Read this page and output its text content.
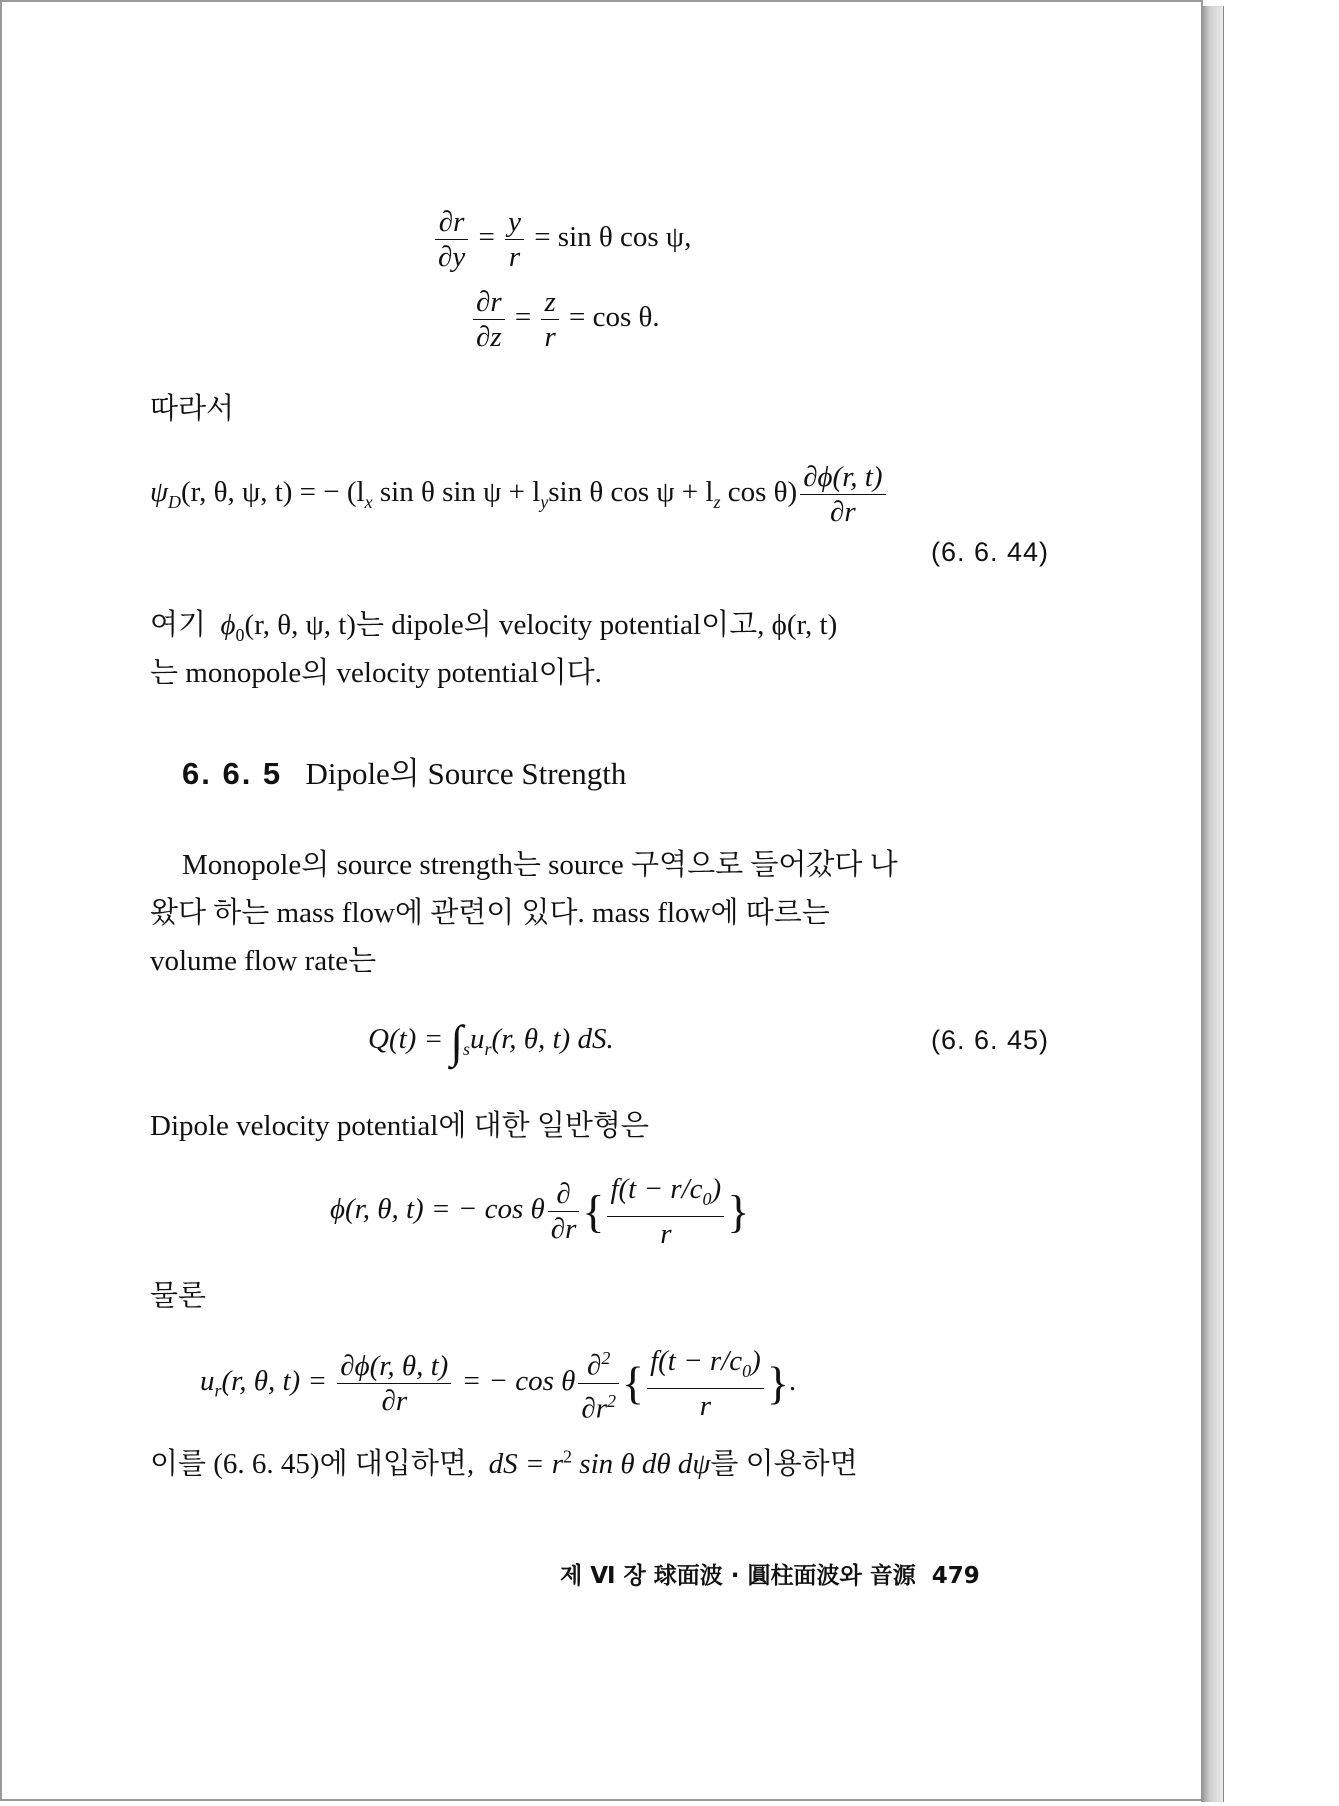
$\frac{\partial r}{\partial y} = \frac{y}{r} = \sin \theta$ cos ψ,
$\frac{\partial r}{\partial z} = \frac{z}{r} = \cos \theta$.
따라서
$\psi_D(r$, θ, ψ, t) = − ($l_x$ sin θ $\sin \psi + l_y\sin$ θ $\cos \psi + l_z$ $\cos \theta) \frac{\partial\phi(r, t)}{\partial r}$
(6. 6. 44)
여기 $\phi_0(r$, θ, ψ, t)는 dipole의 velocity potential이고, ϕ(r, t)
는 monopole의 velocity potential이다.
6. 6. 5 Dipole의 Source Strength
Monopole의 source strength는 source 구역으로 들어갔다 나
왔다 하는 mass flow에 관련이 있다. mass flow에 따르는
volume flow rate는
$Q(t) = \int_su_r(r$, θ, t) dS.	(6. 6. 45)
Dipole velocity potential에 대한 일반형은
ϕ(r, θ, t) = − cos θ $\frac{\partial}{\partial r}$ { $\frac{f(t - r/c_0)}{r}$ }
물론
$u_r(r$, θ, $t) = \frac{\partial\phi(r, \theta, t)}{\partial r}$ = − cos θ $\frac{\partial^2}{\partial r^2}$ { $\frac{f(t - r/c_0)}{r}$ }.
이를 (6. 6. 45)에 대입하면, dS = $r^2$ sin θ dθ dψ를 이용하면
제 Ⅵ 장 球面波 · 圓柱面波와 音源 479
